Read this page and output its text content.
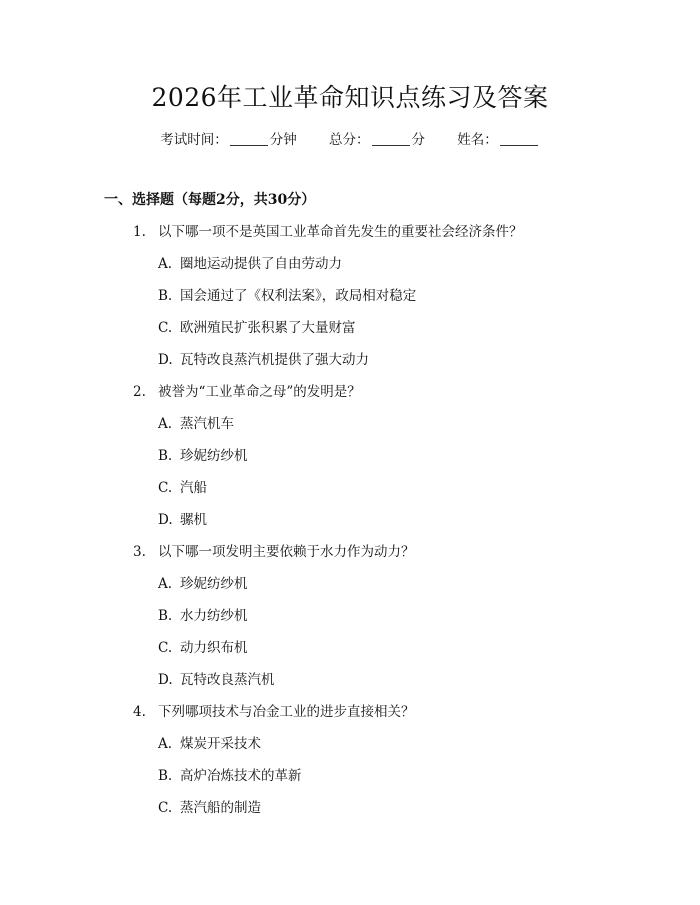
2026年工业革命知识点练习及答案
考试时间：	分钟 总分：	分 姓名：
一、选择题（每题2分，共30分）
1. 以下哪一项不是英国工业革命首先发生的重要社会经济条件？
A. 圈地运动提供了自由劳动力
B. 国会通过了《权利法案》，政局相对稳定
C. 欧洲殖民扩张积累了大量财富
D. 瓦特改良蒸汽机提供了强大动力
2. 被誉为“工业革命之母”的发明是？
A. 蒸汽机车
B. 珍妮纺纱机
C. 汽船
D. 骡机
3. 以下哪一项发明主要依赖于水力作为动力？
A. 珍妮纺纱机
B. 水力纺纱机
C. 动力织布机
D. 瓦特改良蒸汽机
4. 下列哪项技术与冶金工业的进步直接相关？
A. 煤炭开采技术
B. 高炉冶炼技术的革新
C. 蒸汽船的制造
